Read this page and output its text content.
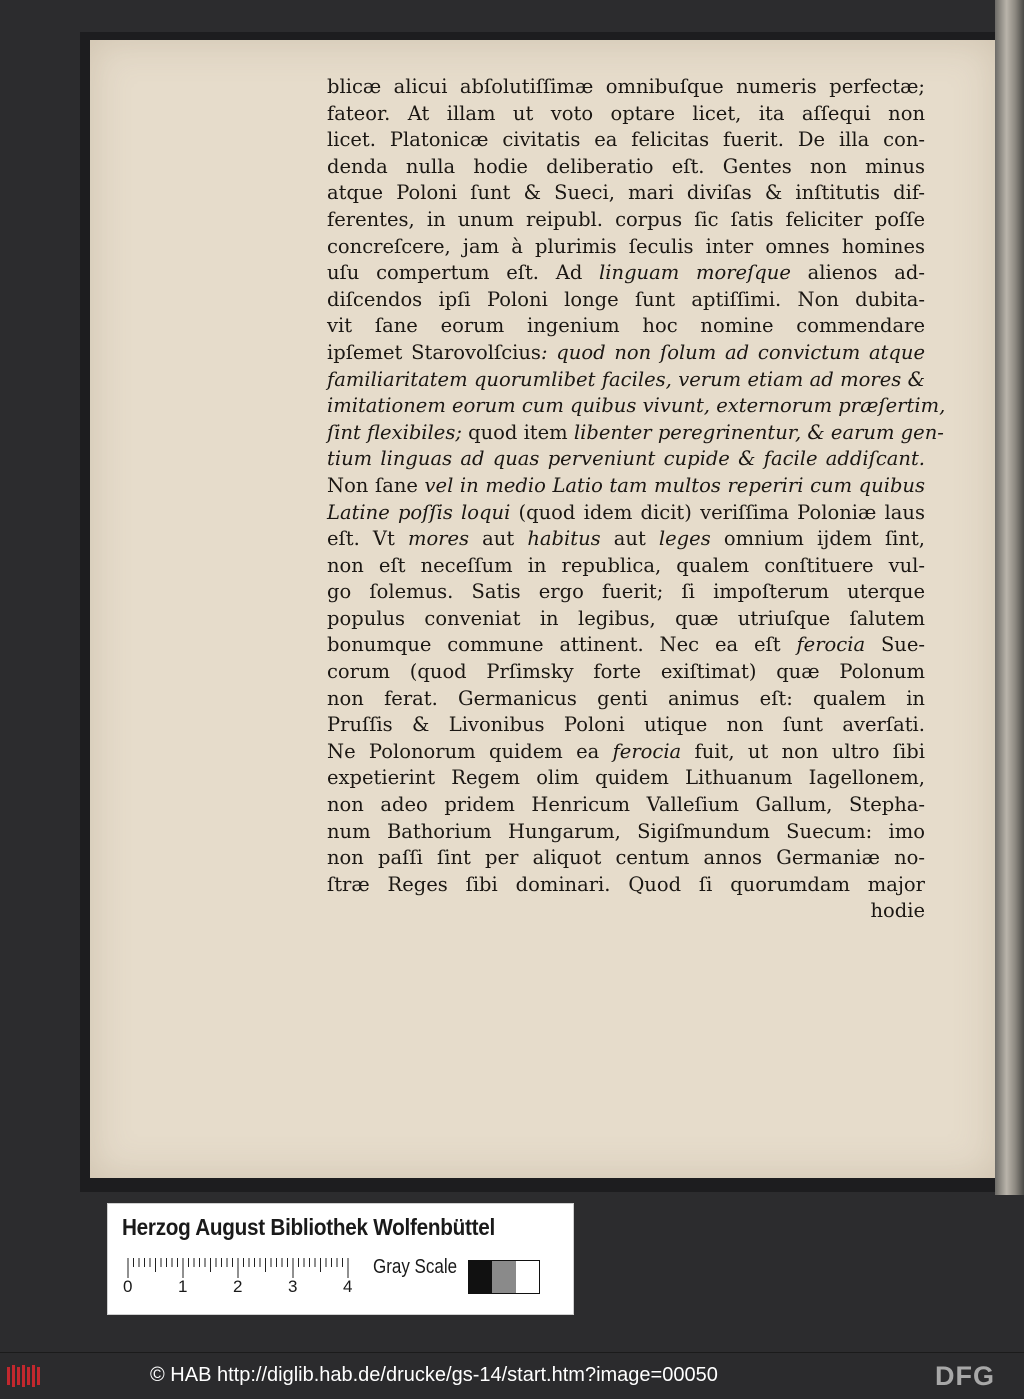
blicæ alicui abſolutiſſimæ omnibuſque numeris perfectæ;
fateor. At illam ut voto optare licet, ita aſſequi non
licet. Platonicæ civitatis ea felicitas fuerit. De illa con-
denda nulla hodie deliberatio eſt. Gentes non minus
atque Poloni ſunt & Sueci, mari diviſas & inſtitutis dif-
ferentes, in unum reipubl. corpus ſic ſatis feliciter poſſe
concreſcere, jam à plurimis ſeculis inter omnes homines
uſu compertum eſt. Ad linguam moreſque alienos ad-
diſcendos ipſi Poloni longe ſunt aptiſſimi. Non dubita-
vit ſane eorum ingenium hoc nomine commendare
ipſemet Starovolſcius: quod non ſolum ad convictum atque
familiaritatem quorumlibet faciles, verum etiam ad mores &
imitationem eorum cum quibus vivunt, externorum præſertim,
ſint flexibiles; quod item libenter peregrinentur, & earum gen-
tium linguas ad quas perveniunt cupide & facile addiſcant.
Non ſane vel in medio Latio tam multos reperiri cum quibus
Latine poſſis loqui (quod idem dicit) veriſſima Poloniæ laus
eſt. Vt mores aut habitus aut leges omnium ijdem ſint,
non eſt neceſſum in republica, qualem conſtituere vul-
go ſolemus. Satis ergo fuerit; ſi impoſterum uterque
populus conveniat in legibus, quæ utriuſque ſalutem
bonumque commune attinent. Nec ea eſt ferocia Sue-
corum (quod Prſimsky forte exiſtimat) quæ Polonum
non ferat. Germanicus genti animus eſt: qualem in
Pruſſis & Livonibus Poloni utique non ſunt averſati.
Ne Polonorum quidem ea ferocia fuit, ut non ultro ſibi
expetierint Regem olim quidem Lithuanum Iagellonem,
non adeo pridem Henricum Valleſium Gallum, Stepha-
num Bathorium Hungarum, Sigiſmundum Suecum: imo
non paſſi ſint per aliquot centum annos Germaniæ no-
ſtræ Reges ſibi dominari. Quod ſi quorumdam major
hodie
Herzog August Bibliothek Wolfenbüttel
0	1	2	3	4
Gray Scale
© HAB http://diglib.hab.de/drucke/gs-14/start.htm?image=00050	DFG
